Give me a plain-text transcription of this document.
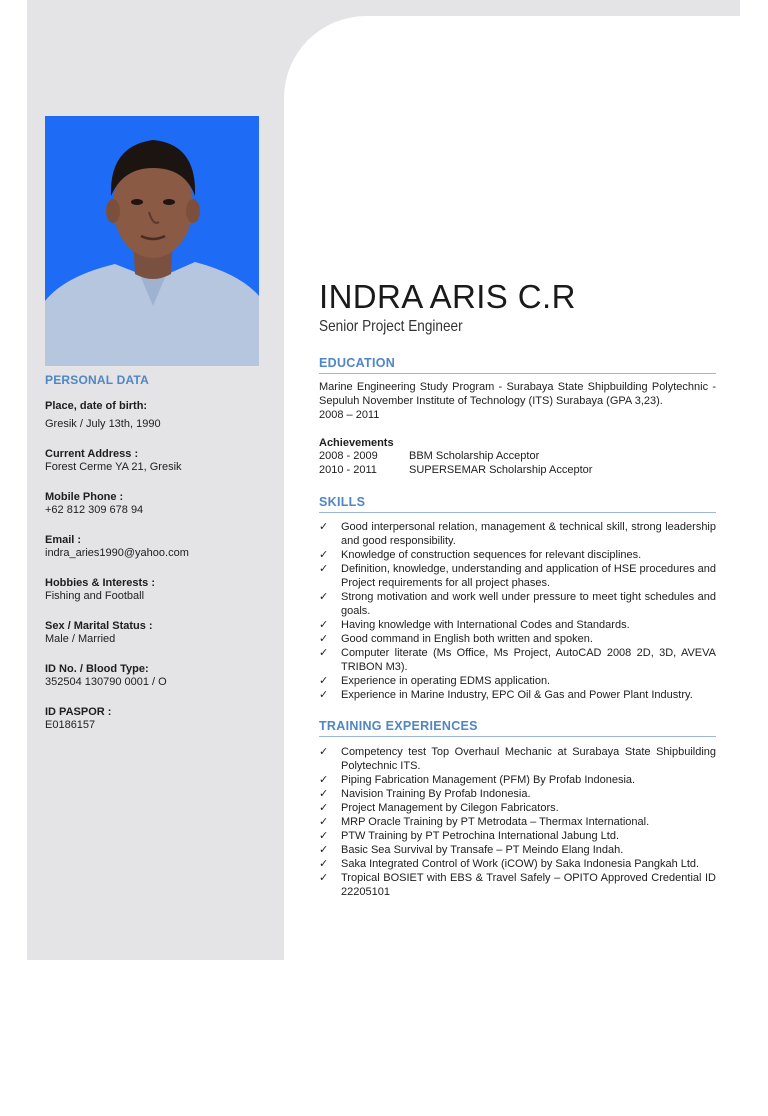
PERSONAL DATA
Place, date of birth:
Gresik / July 13th, 1990
Current Address :
Forest Cerme YA 21, Gresik
Mobile Phone :
+62 812 309 678 94
Email :
indra_aries1990@yahoo.com
Hobbies & Interests :
Fishing and Football
Sex / Marital Status :
Male / Married
ID No. / Blood Type:
352504 130790 0001 / O
ID PASPOR :
E0186157
INDRA ARIS C.R
Senior Project Engineer
EDUCATION
Marine Engineering Study Program - Surabaya State Shipbuilding Polytechnic - Sepuluh November Institute of Technology (ITS) Surabaya (GPA 3,23).
2008 – 2011
Achievements
2008 - 2009	BBM Scholarship Acceptor
2010 - 2011	SUPERSEMAR Scholarship Acceptor
SKILLS
✓ Good interpersonal relation, management & technical skill, strong leadership and good responsibility.
✓ Knowledge of construction sequences for relevant disciplines.
✓ Definition, knowledge, understanding and application of HSE procedures and Project requirements for all project phases.
✓ Strong motivation and work well under pressure to meet tight schedules and goals.
✓ Having knowledge with International Codes and Standards.
✓ Good command in English both written and spoken.
✓ Computer literate (Ms Office, Ms Project, AutoCAD 2008 2D, 3D, AVEVA TRIBON M3).
✓ Experience in operating EDMS application.
✓ Experience in Marine Industry, EPC Oil & Gas and Power Plant Industry.
TRAINING EXPERIENCES
✓ Competency test Top Overhaul Mechanic at Surabaya State Shipbuilding Polytechnic ITS.
✓ Piping Fabrication Management (PFM) By Profab Indonesia.
✓ Navision Training By Profab Indonesia.
✓ Project Management by Cilegon Fabricators.
✓ MRP Oracle Training by PT Metrodata – Thermax International.
✓ PTW Training by PT Petrochina International Jabung Ltd.
✓ Basic Sea Survival by Transafe – PT Meindo Elang Indah.
✓ Saka Integrated Control of Work (iCOW) by Saka Indonesia Pangkah Ltd.
✓ Tropical BOSIET with EBS & Travel Safely – OPITO Approved Credential ID 22205101
